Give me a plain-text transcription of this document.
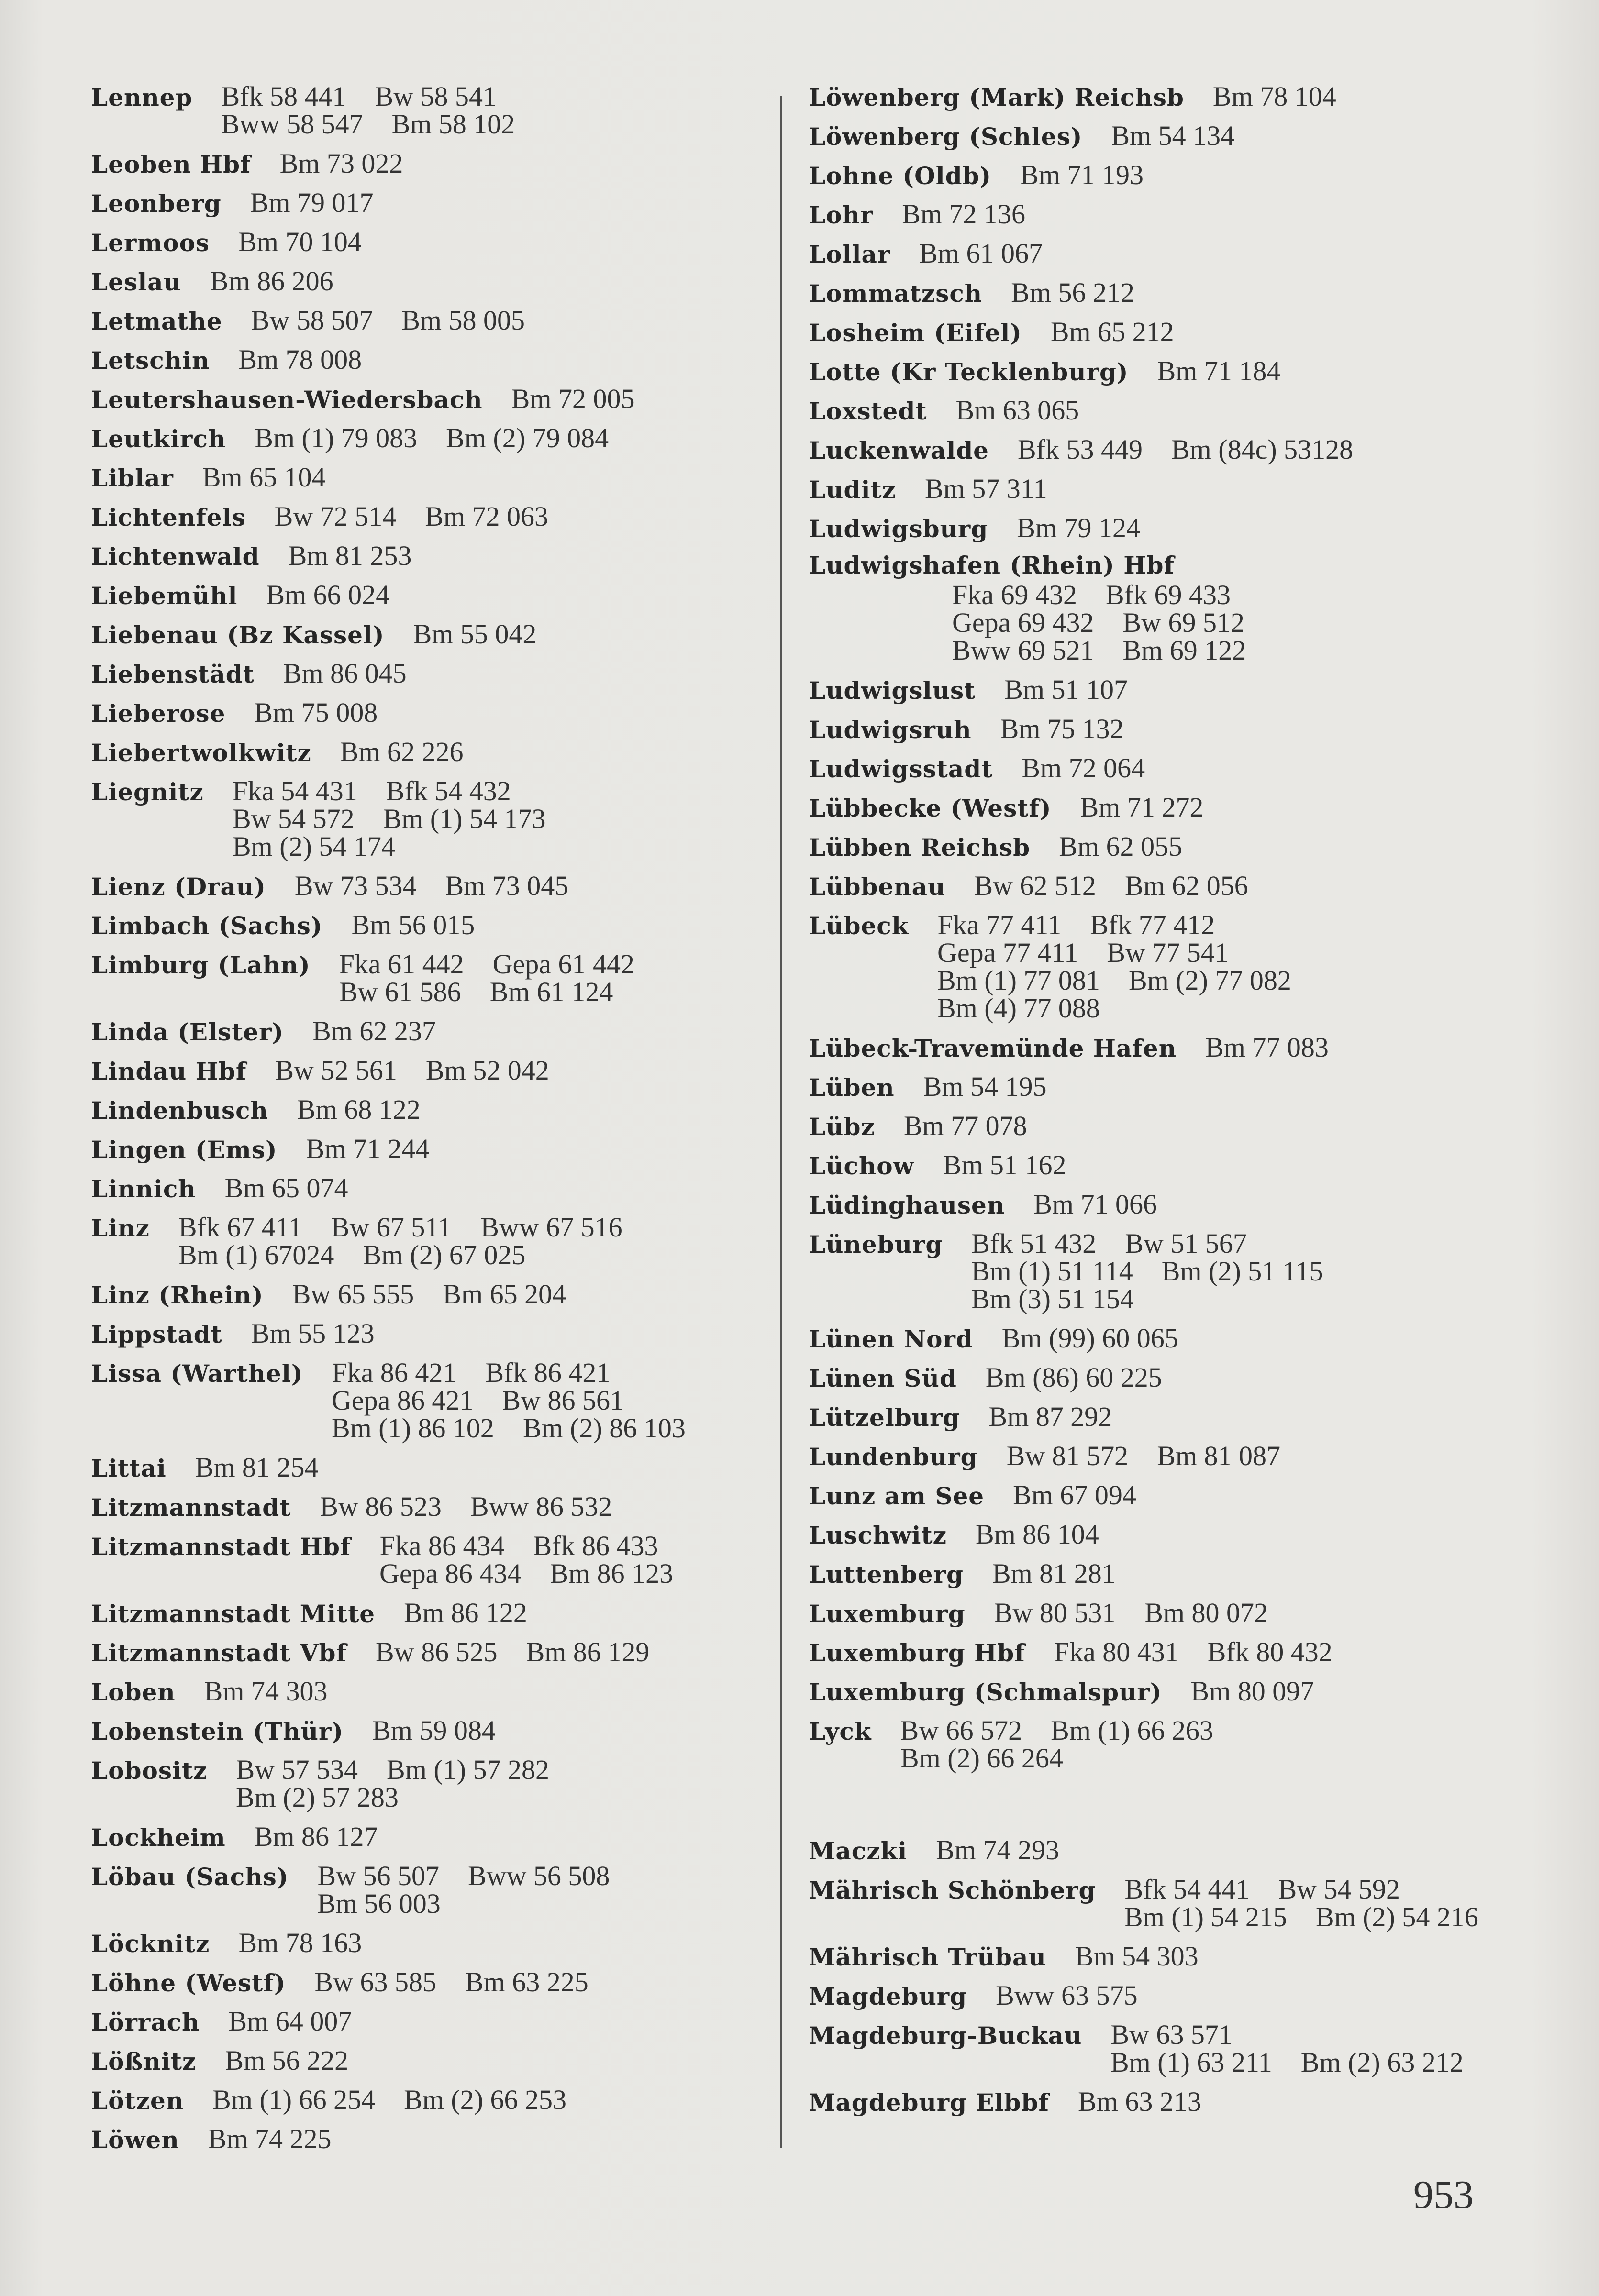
Lennep Bfk 58 441 Bw 58 541
Bww 58 547 Bm 58 102
Leoben Hbf Bm 73 022
Leonberg Bm 79 017
Lermoos Bm 70 104
Leslau Bm 86 206
Letmathe Bw 58 507 Bm 58 005
Letschin Bm 78 008
Leutershausen-Wiedersbach Bm 72 005
Leutkirch Bm (1) 79 083 Bm (2) 79 084
Liblar Bm 65 104
Lichtenfels Bw 72 514 Bm 72 063
Lichtenwald Bm 81 253
Liebemühl Bm 66 024
Liebenau (Bz Kassel) Bm 55 042
Liebenstädt Bm 86 045
Lieberose Bm 75 008
Liebertwolkwitz Bm 62 226
Liegnitz Fka 54 431 Bfk 54 432
Bw 54 572 Bm (1) 54 173
Bm (2) 54 174
Lienz (Drau) Bw 73 534 Bm 73 045
Limbach (Sachs) Bm 56 015
Limburg (Lahn) Fka 61 442 Gepa 61 442
Bw 61 586 Bm 61 124
Linda (Elster) Bm 62 237
Lindau Hbf Bw 52 561 Bm 52 042
Lindenbusch Bm 68 122
Lingen (Ems) Bm 71 244
Linnich Bm 65 074
Linz Bfk 67 411 Bw 67 511 Bww 67 516
Bm (1) 67024 Bm (2) 67 025
Linz (Rhein) Bw 65 555 Bm 65 204
Lippstadt Bm 55 123
Lissa (Warthel) Fka 86 421 Bfk 86 421
Gepa 86 421 Bw 86 561
Bm (1) 86 102 Bm (2) 86 103
Littai Bm 81 254
Litzmannstadt Bw 86 523 Bww 86 532
Litzmannstadt Hbf Fka 86 434 Bfk 86 433
Gepa 86 434 Bm 86 123
Litzmannstadt Mitte Bm 86 122
Litzmannstadt Vbf Bw 86 525 Bm 86 129
Loben Bm 74 303
Lobenstein (Thür) Bm 59 084
Lobositz Bw 57 534 Bm (1) 57 282
Bm (2) 57 283
Lockheim Bm 86 127
Löbau (Sachs) Bw 56 507 Bww 56 508
Bm 56 003
Löcknitz Bm 78 163
Löhne (Westf) Bw 63 585 Bm 63 225
Lörrach Bm 64 007
Lößnitz Bm 56 222
Lötzen Bm (1) 66 254 Bm (2) 66 253
Löwen Bm 74 225
Löwenberg (Mark) Reichsb Bm 78 104
Löwenberg (Schles) Bm 54 134
Lohne (Oldb) Bm 71 193
Lohr Bm 72 136
Lollar Bm 61 067
Lommatzsch Bm 56 212
Losheim (Eifel) Bm 65 212
Lotte (Kr Tecklenburg) Bm 71 184
Loxstedt Bm 63 065
Luckenwalde Bfk 53 449 Bm (84c) 53128
Luditz Bm 57 311
Ludwigsburg Bm 79 124
Ludwigshafen (Rhein) Hbf
Fka 69 432 Bfk 69 433
Gepa 69 432 Bw 69 512
Bww 69 521 Bm 69 122
Ludwigslust Bm 51 107
Ludwigsruh Bm 75 132
Ludwigsstadt Bm 72 064
Lübbecke (Westf) Bm 71 272
Lübben Reichsb Bm 62 055
Lübbenau Bw 62 512 Bm 62 056
Lübeck Fka 77 411 Bfk 77 412
Gepa 77 411 Bw 77 541
Bm (1) 77 081 Bm (2) 77 082
Bm (4) 77 088
Lübeck-Travemünde Hafen Bm 77 083
Lüben Bm 54 195
Lübz Bm 77 078
Lüchow Bm 51 162
Lüdinghausen Bm 71 066
Lüneburg Bfk 51 432 Bw 51 567
Bm (1) 51 114 Bm (2) 51 115
Bm (3) 51 154
Lünen Nord Bm (99) 60 065
Lünen Süd Bm (86) 60 225
Lützelburg Bm 87 292
Lundenburg Bw 81 572 Bm 81 087
Lunz am See Bm 67 094
Luschwitz Bm 86 104
Luttenberg Bm 81 281
Luxemburg Bw 80 531 Bm 80 072
Luxemburg Hbf Fka 80 431 Bfk 80 432
Luxemburg (Schmalspur) Bm 80 097
Lyck Bw 66 572 Bm (1) 66 263
Bm (2) 66 264
Maczki Bm 74 293
Mährisch Schönberg Bfk 54 441 Bw 54 592
Bm (1) 54 215 Bm (2) 54 216
Mährisch Trübau Bm 54 303
Magdeburg Bww 63 575
Magdeburg-Buckau Bw 63 571
Bm (1) 63 211 Bm (2) 63 212
Magdeburg Elbbf Bm 63 213
953
